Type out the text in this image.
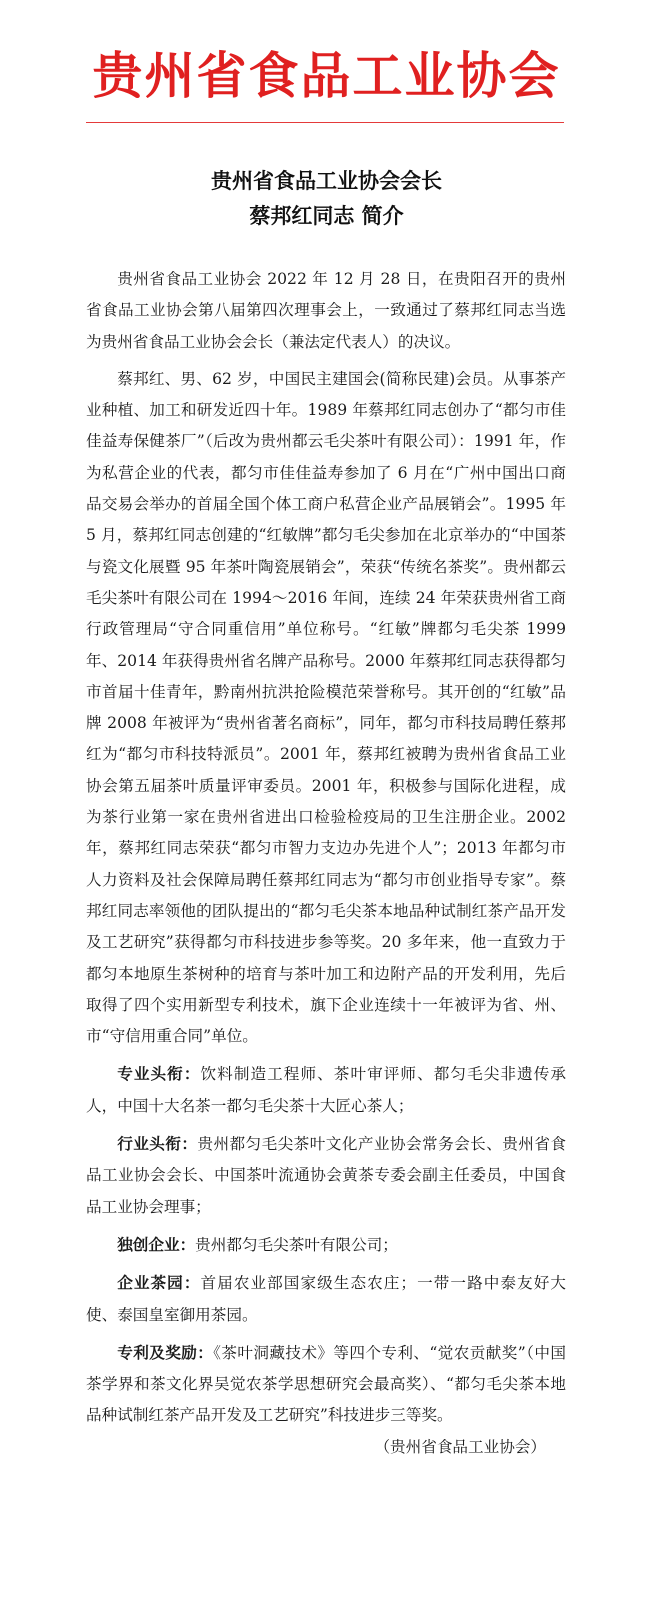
贵州省食品工业协会
贵州省食品工业协会会长
蔡邦红同志 简介

贵州省食品工业协会 2022 年 12 月 28 日，在贵阳召开的贵州省食品工业协会第八届第四次理事会上，一致通过了蔡邦红同志当选为贵州省食品工业协会会长（兼法定代表人）的决议。

蔡邦红、男、62 岁，中国民主建国会(简称民建)会员。从事茶产业种植、加工和研发近四十年。1989 年蔡邦红同志创办了“都匀市佳佳益寿保健茶厂”（后改为贵州都云毛尖茶叶有限公司）：1991 年，作为私营企业的代表，都匀市佳佳益寿参加了 6 月在“广州中国出口商品交易会举办的首届全国个体工商户私营企业产品展销会”。1995 年 5 月，蔡邦红同志创建的“红敏牌”都匀毛尖参加在北京举办的“中国茶与瓷文化展暨 95 年茶叶陶瓷展销会”，荣获“传统名茶奖”。贵州都云毛尖茶叶有限公司在 1994～2016 年间，连续 24 年荣获贵州省工商行政管理局“守合同重信用”单位称号。“红敏”牌都匀毛尖茶 1999 年、2014 年获得贵州省名牌产品称号。2000 年蔡邦红同志获得都匀市首届十佳青年，黔南州抗洪抢险模范荣誉称号。其开创的“红敏”品牌 2008 年被评为“贵州省著名商标”，同年，都匀市科技局聘任蔡邦红为“都匀市科技特派员”。2001 年，蔡邦红被聘为贵州省食品工业协会第五届茶叶质量评审委员。2001 年，积极参与国际化进程，成为茶行业第一家在贵州省进出口检验检疫局的卫生注册企业。2002 年，蔡邦红同志荣获“都匀市智力支边办先进个人”；2013 年都匀市人力资料及社会保障局聘任蔡邦红同志为“都匀市创业指导专家”。蔡邦红同志率领他的团队提出的“都匀毛尖茶本地品种试制红茶产品开发及工艺研究”获得都匀市科技进步参等奖。20 多年来，他一直致力于都匀本地原生茶树种的培育与茶叶加工和边附产品的开发利用，先后取得了四个实用新型专利技术，旗下企业连续十一年被评为省、州、市“守信用重合同”单位。

专业头衔：饮料制造工程师、茶叶审评师、都匀毛尖非遗传承人，中国十大名茶一都匀毛尖茶十大匠心茶人；

行业头衔：贵州都匀毛尖茶叶文化产业协会常务会长、贵州省食品工业协会会长、中国茶叶流通协会黄茶专委会副主任委员，中国食品工业协会理事；

独创企业：贵州都匀毛尖茶叶有限公司；

企业茶园：首届农业部国家级生态农庄；一带一路中泰友好大使、泰国皇室御用茶园。

专利及奖励：《茶叶洞藏技术》等四个专利、“觉农贡献奖”（中国茶学界和茶文化界吴觉农茶学思想研究会最高奖）、“都匀毛尖茶本地品种试制红茶产品开发及工艺研究”科技进步三等奖。
（贵州省食品工业协会）
